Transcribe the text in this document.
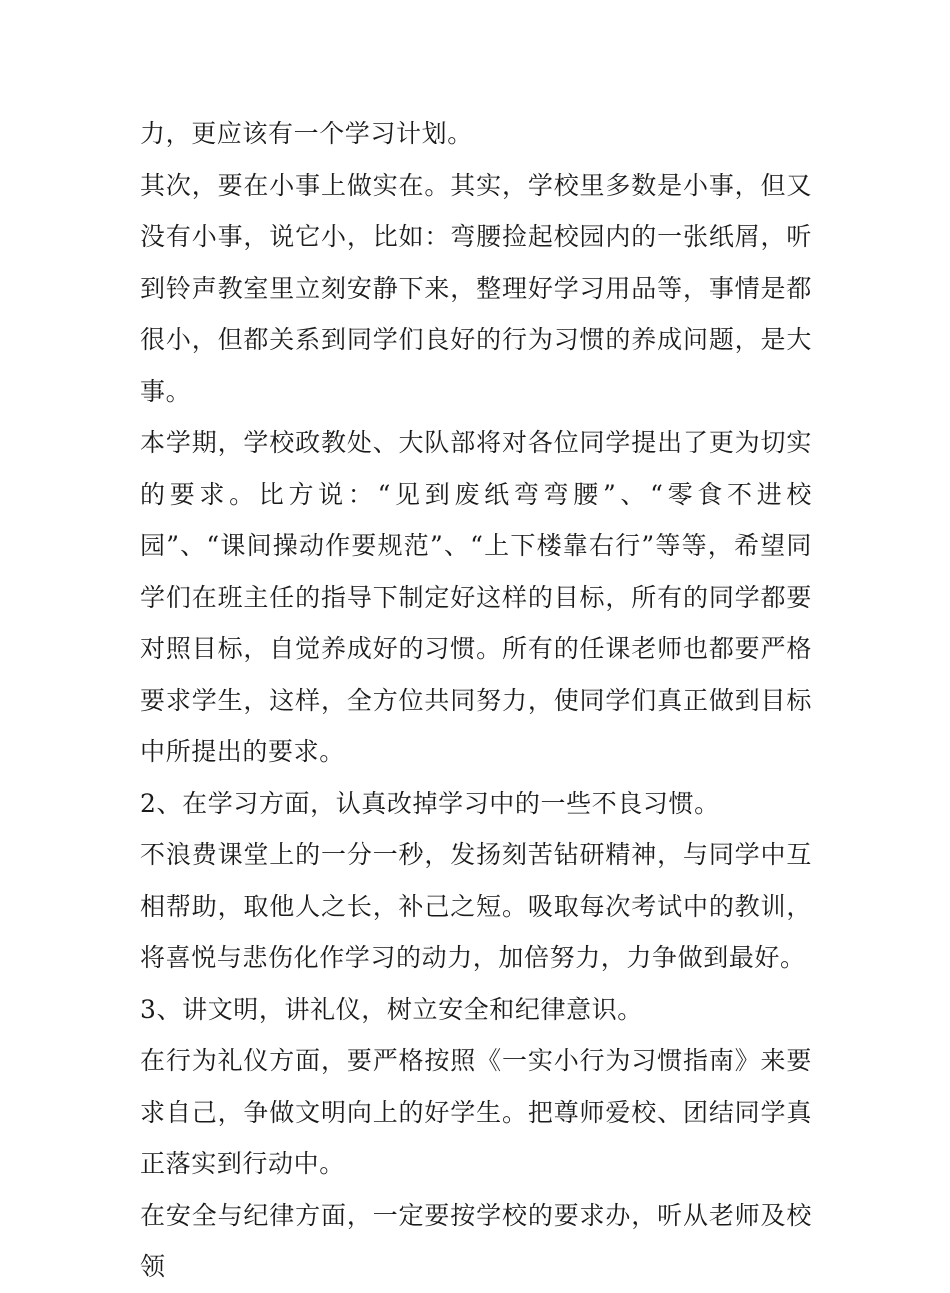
力，更应该有一个学习计划。

其次，要在小事上做实在。其实，学校里多数是小事，但又没有小事，说它小，比如：弯腰捡起校园内的一张纸屑，听到铃声教室里立刻安静下来，整理好学习用品等，事情是都很小，但都关系到同学们良好的行为习惯的养成问题，是大事。

本学期，学校政教处、大队部将对各位同学提出了更为切实的要求。比方说：“见到废纸弯弯腰”、“零食不进校园”、“课间操动作要规范”、“上下楼靠右行”等等，希望同学们在班主任的指导下制定好这样的目标，所有的同学都要对照目标，自觉养成好的习惯。所有的任课老师也都要严格要求学生，这样，全方位共同努力，使同学们真正做到目标中所提出的要求。

2、在学习方面，认真改掉学习中的一些不良习惯。

不浪费课堂上的一分一秒，发扬刻苦钻研精神，与同学中互相帮助，取他人之长，补己之短。吸取每次考试中的教训，将喜悦与悲伤化作学习的动力，加倍努力，力争做到最好。

3、讲文明，讲礼仪，树立安全和纪律意识。

在行为礼仪方面，要严格按照《一实小行为习惯指南》来要求自己，争做文明向上的好学生。把尊师爱校、团结同学真正落实到行动中。

在安全与纪律方面，一定要按学校的要求办，听从老师及校领
